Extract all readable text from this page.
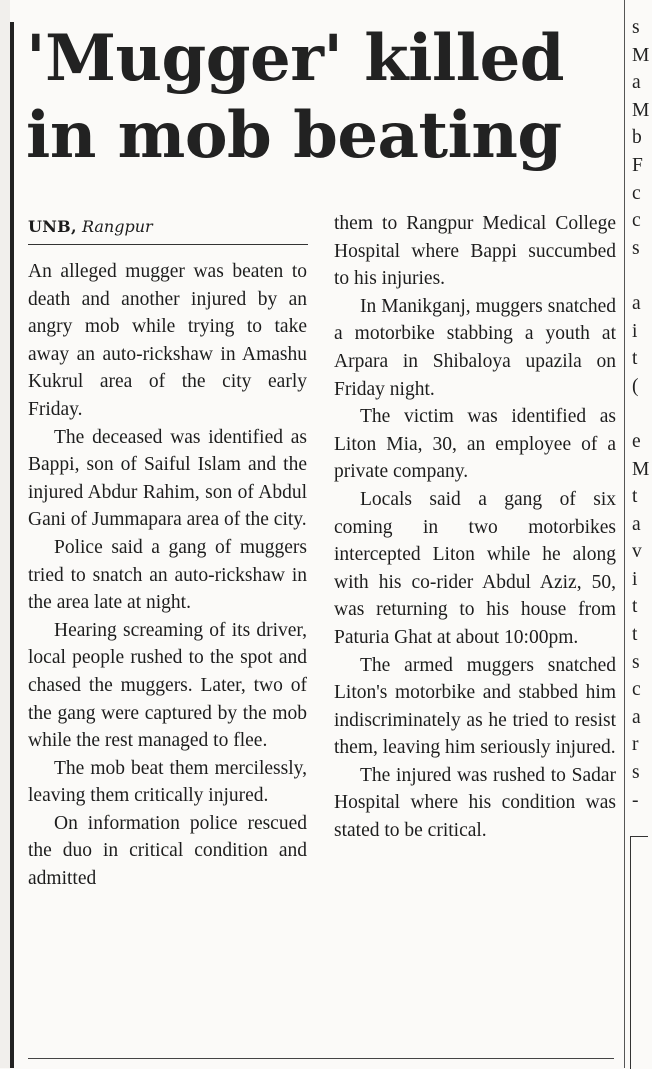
'Mugger' killed in mob beating
UNB, Rangpur

An alleged mugger was beaten to death and another injured by an angry mob while trying to take away an auto-rickshaw in Amashu Kukrul area of the city early Friday.

The deceased was identified as Bappi, son of Saiful Islam and the injured Abdur Rahim, son of Abdul Gani of Jummapara area of the city.

Police said a gang of muggers tried to snatch an auto-rickshaw in the area late at night.

Hearing screaming of its driver, local people rushed to the spot and chased the muggers. Later, two of the gang were captured by the mob while the rest managed to flee.

The mob beat them mercilessly, leaving them critically injured.

On information police rescued the duo in critical condition and admitted

them to Rangpur Medical College Hospital where Bappi succumbed to his injuries.

In Manikganj, muggers snatched a motorbike stabbing a youth at Arpara in Shibaloya upazila on Friday night.

The victim was identified as Liton Mia, 30, an employee of a private company.

Locals said a gang of six coming in two motorbikes intercepted Liton while he along with his co-rider Abdul Aziz, 50, was returning to his house from Paturia Ghat at about 10:00pm.

The armed muggers snatched Liton's motorbike and stabbed him indiscriminately as he tried to resist them, leaving him seriously injured.

The injured was rushed to Sadar Hospital where his condition was stated to be critical.

s
M
a
M
b
F
c
c
s
a
i
t
(
e
M
t
a
v
i
t
t
s
c
a
r
s
-
